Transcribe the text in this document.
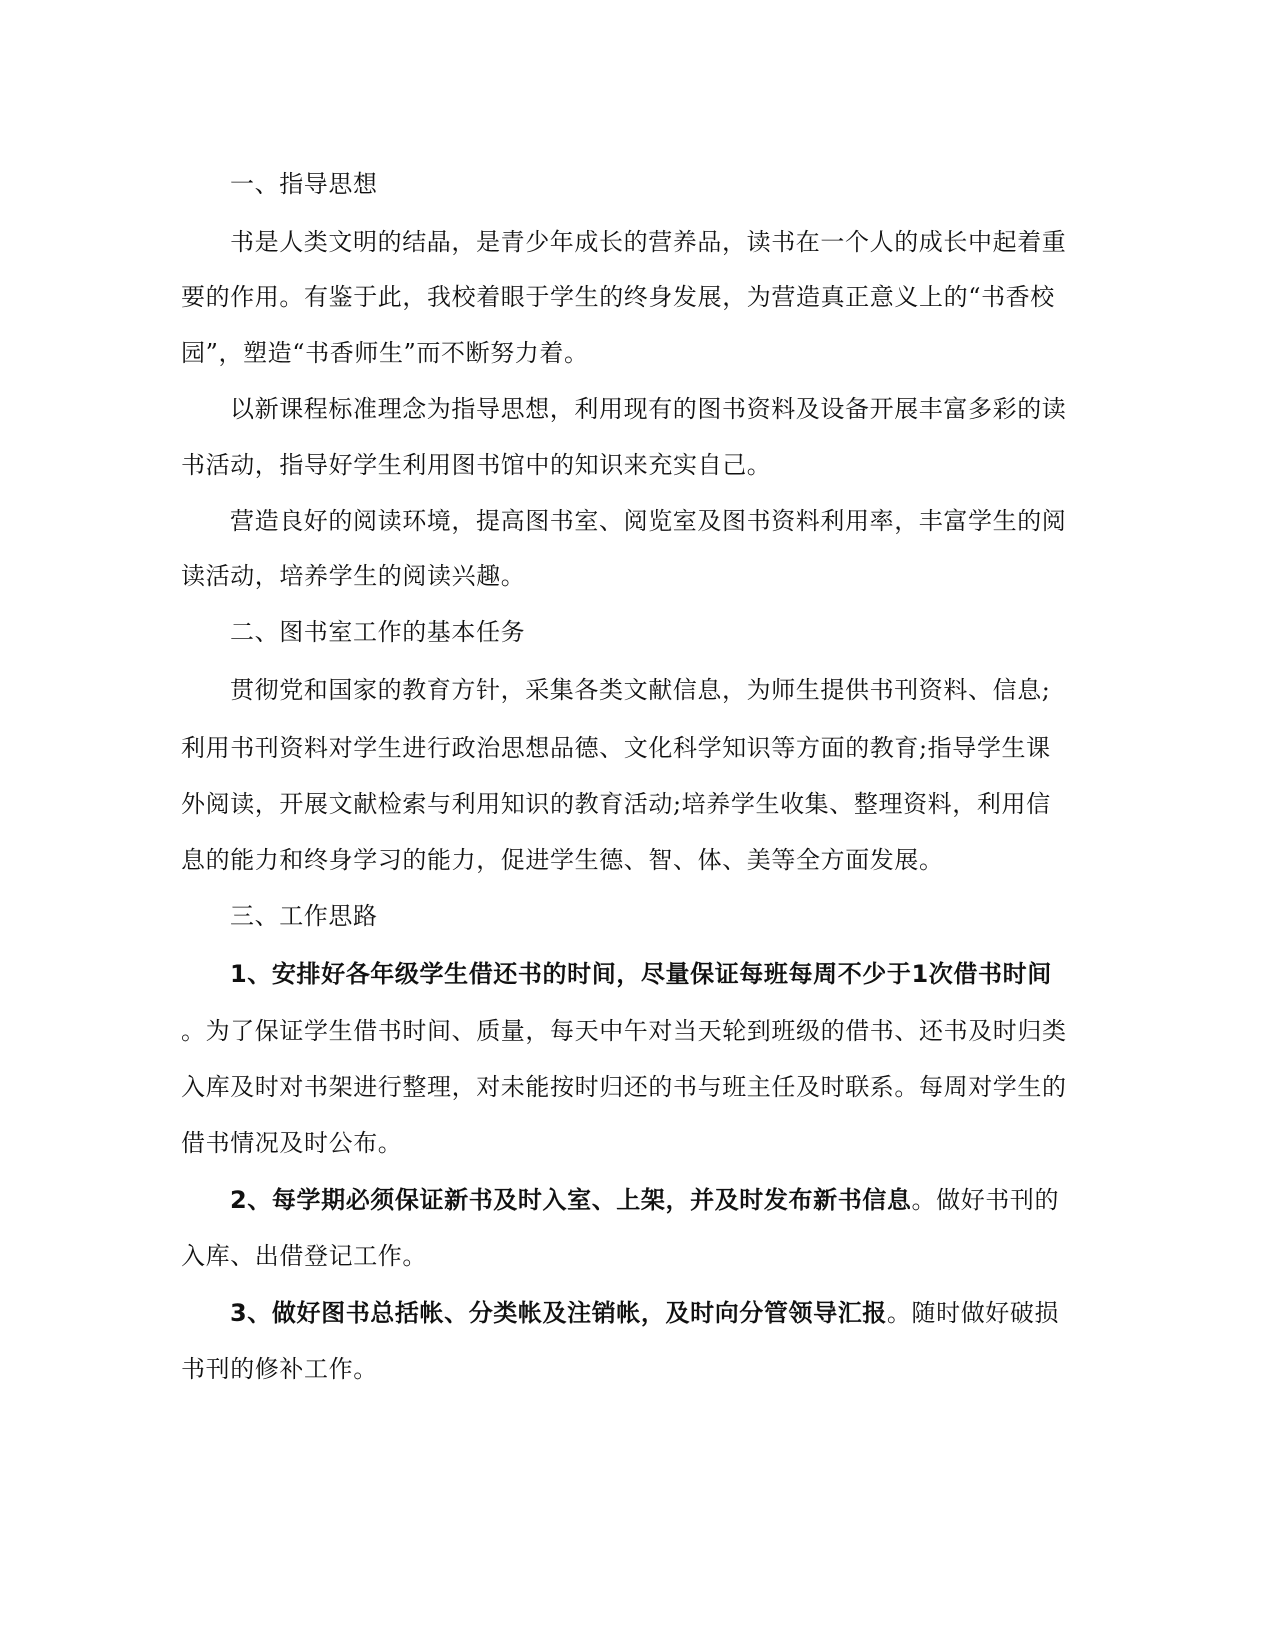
一、指导思想
书是人类文明的结晶，是青少年成长的营养品，读书在一个人的成长中起着重
要的作用。有鉴于此，我校着眼于学生的终身发展，为营造真正意义上的“书香校
园”，塑造“书香师生”而不断努力着。
以新课程标准理念为指导思想，利用现有的图书资料及设备开展丰富多彩的读
书活动，指导好学生利用图书馆中的知识来充实自己。
营造良好的阅读环境，提高图书室、阅览室及图书资料利用率，丰富学生的阅
读活动，培养学生的阅读兴趣。
二、图书室工作的基本任务
贯彻党和国家的教育方针，采集各类文献信息，为师生提供书刊资料、信息;
利用书刊资料对学生进行政治思想品德、文化科学知识等方面的教育;指导学生课
外阅读，开展文献检索与利用知识的教育活动;培养学生收集、整理资料，利用信
息的能力和终身学习的能力，促进学生德、智、体、美等全方面发展。
三、工作思路
1、安排好各年级学生借还书的时间，尽量保证每班每周不少于1次借书时间
。为了保证学生借书时间、质量，每天中午对当天轮到班级的借书、还书及时归类
入库及时对书架进行整理，对未能按时归还的书与班主任及时联系。每周对学生的
借书情况及时公布。
2、每学期必须保证新书及时入室、上架，并及时发布新书信息。做好书刊的
入库、出借登记工作。
3、做好图书总括帐、分类帐及注销帐，及时向分管领导汇报。随时做好破损
书刊的修补工作。
